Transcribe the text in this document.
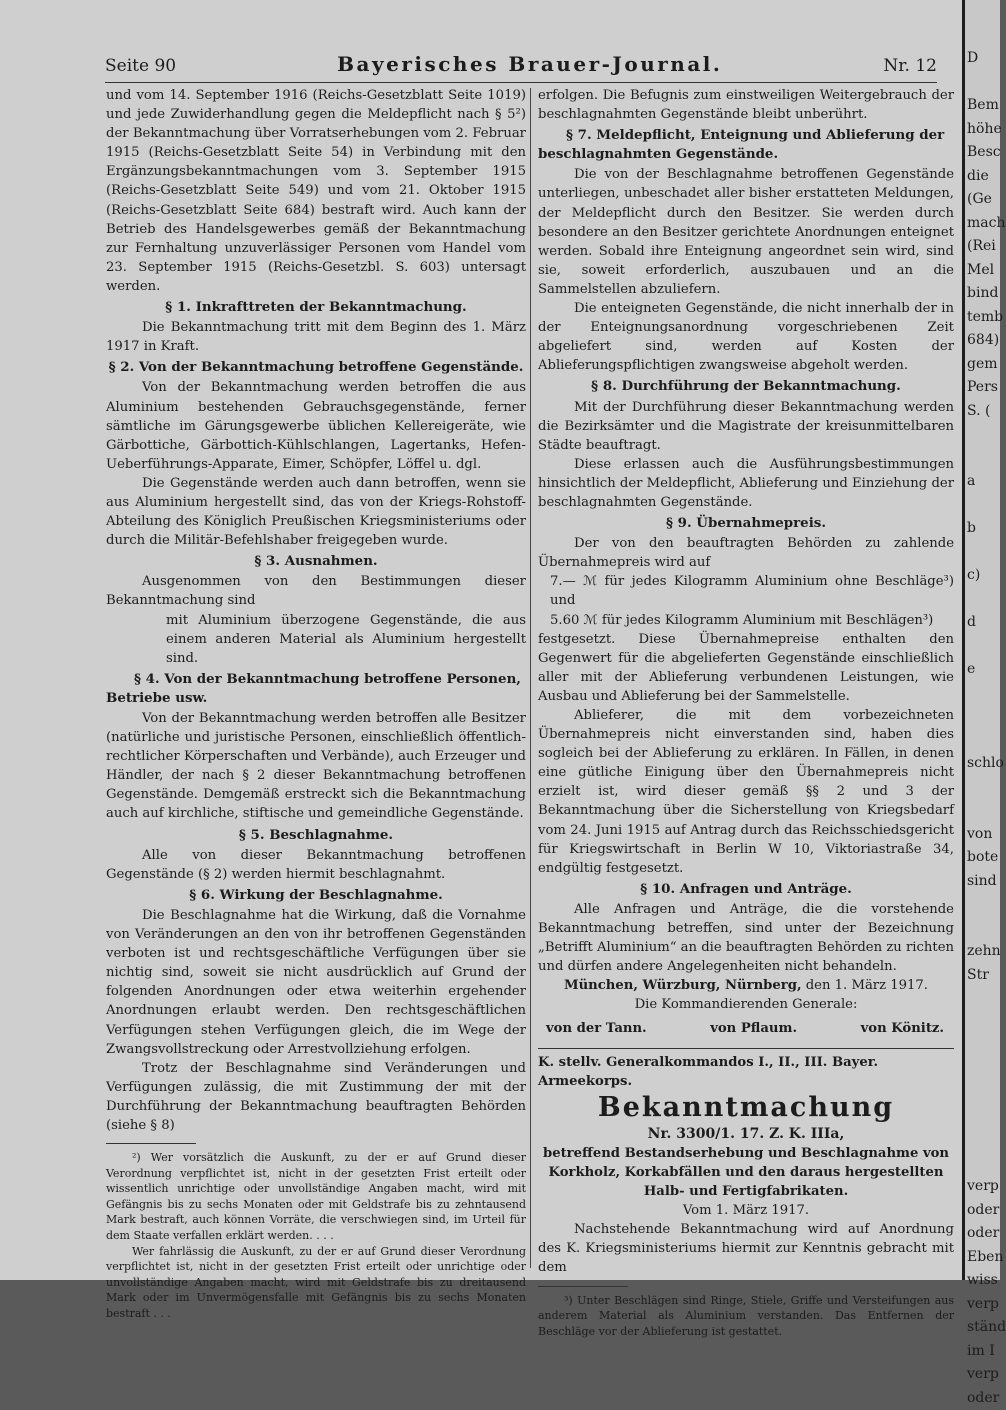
Seite 90	Bayerisches Brauer-Journal.	Nr. 12

und vom 14. September 1916 (Reichs-Gesetzblatt Seite 1019) und jede Zuwiderhandlung gegen die Meldepflicht nach § 5²) der Bekanntmachung über Vorratserhebungen vom 2. Februar 1915 (Reichs-Gesetzblatt Seite 54) in Verbindung mit den Ergänzungsbekanntmachungen vom 3. September 1915 (Reichs-Gesetzblatt Seite 549) und vom 21. Oktober 1915 (Reichs-Gesetzblatt Seite 684) bestraft wird. Auch kann der Betrieb des Handelsgewerbes gemäß der Bekanntmachung zur Fernhaltung unzuverlässiger Personen vom Handel vom 23. September 1915 (Reichs-Gesetzbl. S. 603) untersagt werden.

§ 1. Inkrafttreten der Bekanntmachung.

Die Bekanntmachung tritt mit dem Beginn des 1. März 1917 in Kraft.

§ 2. Von der Bekanntmachung betroffene Gegenstände.

Von der Bekanntmachung werden betroffen die aus Aluminium bestehenden Gebrauchsgegenstände, ferner sämtliche im Gärungsgewerbe üblichen Kellereigeräte, wie Gärbottiche, Gärbottich-Kühlschlangen, Lagertanks, Hefen-Ueberführungs-Apparate, Eimer, Schöpfer, Löffel u. dgl.

Die Gegenstände werden auch dann betroffen, wenn sie aus Aluminium hergestellt sind, das von der Kriegs-Rohstoff-Abteilung des Königlich Preußischen Kriegsministeriums oder durch die Militär-Befehlshaber freigegeben wurde.

§ 3. Ausnahmen.

Ausgenommen von den Bestimmungen dieser Bekanntmachung sind

mit Aluminium überzogene Gegenstände, die aus einem anderen Material als Aluminium hergestellt sind.

§ 4. Von der Bekanntmachung betroffene Personen, Betriebe usw.

Von der Bekanntmachung werden betroffen alle Besitzer (natürliche und juristische Personen, einschließlich öffentlich-rechtlicher Körperschaften und Verbände), auch Erzeuger und Händler, der nach § 2 dieser Bekanntmachung betroffenen Gegenstände. Demgemäß erstreckt sich die Bekanntmachung auch auf kirchliche, stiftische und gemeindliche Gegenstände.

§ 5. Beschlagnahme.

Alle von dieser Bekanntmachung betroffenen Gegenstände (§ 2) werden hiermit beschlagnahmt.

§ 6. Wirkung der Beschlagnahme.

Die Beschlagnahme hat die Wirkung, daß die Vornahme von Veränderungen an den von ihr betroffenen Gegenständen verboten ist und rechtsgeschäftliche Verfügungen über sie nichtig sind, soweit sie nicht ausdrücklich auf Grund der folgenden Anordnungen oder etwa weiterhin ergehender Anordnungen erlaubt werden. Den rechtsgeschäftlichen Verfügungen stehen Verfügungen gleich, die im Wege der Zwangsvollstreckung oder Arrestvollziehung erfolgen.

Trotz der Beschlagnahme sind Veränderungen und Verfügungen zulässig, die mit Zustimmung der mit der Durchführung der Bekanntmachung beauftragten Behörden (siehe § 8)

²) Wer vorsätzlich die Auskunft, zu der er auf Grund dieser Verordnung verpflichtet ist, nicht in der gesetzten Frist erteilt oder wissentlich unrichtige oder unvollständige Angaben macht, wird mit Gefängnis bis zu sechs Monaten oder mit Geldstrafe bis zu zehntausend Mark bestraft, auch können Vorräte, die verschwiegen sind, im Urteil für dem Staate verfallen erklärt werden. . . .

Wer fahrlässig die Auskunft, zu der er auf Grund dieser Verordnung verpflichtet ist, nicht in der gesetzten Frist erteilt oder unrichtige oder unvollständige Angaben macht, wird mit Geldstrafe bis zu dreitausend Mark oder im Unvermögensfalle mit Gefängnis bis zu sechs Monaten bestraft . . .

erfolgen. Die Befugnis zum einstweiligen Weitergebrauch der beschlagnahmten Gegenstände bleibt unberührt.

§ 7. Meldepflicht, Enteignung und Ablieferung der beschlagnahmten Gegenstände.

Die von der Beschlagnahme betroffenen Gegenstände unterliegen, unbeschadet aller bisher erstatteten Meldungen, der Meldepflicht durch den Besitzer. Sie werden durch besondere an den Besitzer gerichtete Anordnungen enteignet werden. Sobald ihre Enteignung angeordnet sein wird, sind sie, soweit erforderlich, auszubauen und an die Sammelstellen abzuliefern.

Die enteigneten Gegenstände, die nicht innerhalb der in der Enteignungsanordnung vorgeschriebenen Zeit abgeliefert sind, werden auf Kosten der Ablieferungspflichtigen zwangsweise abgeholt werden.

§ 8. Durchführung der Bekanntmachung.

Mit der Durchführung dieser Bekanntmachung werden die Bezirksämter und die Magistrate der kreisunmittelbaren Städte beauftragt.

Diese erlassen auch die Ausführungsbestimmungen hinsichtlich der Meldepflicht, Ablieferung und Einziehung der beschlagnahmten Gegenstände.

§ 9. Übernahmepreis.

Der von den beauftragten Behörden zu zahlende Übernahmepreis wird auf

7.— ℳ für jedes Kilogramm Aluminium ohne Beschläge³) und

5.60 ℳ für jedes Kilogramm Aluminium mit Beschlägen³)

festgesetzt. Diese Übernahmepreise enthalten den Gegenwert für die abgelieferten Gegenstände einschließlich aller mit der Ablieferung verbundenen Leistungen, wie Ausbau und Ablieferung bei der Sammelstelle.

Ablieferer, die mit dem vorbezeichneten Übernahmepreis nicht einverstanden sind, haben dies sogleich bei der Ablieferung zu erklären. In Fällen, in denen eine gütliche Einigung über den Übernahmepreis nicht erzielt ist, wird dieser gemäß §§ 2 und 3 der Bekanntmachung über die Sicherstellung von Kriegsbedarf vom 24. Juni 1915 auf Antrag durch das Reichsschiedsgericht für Kriegswirtschaft in Berlin W 10, Viktoriastraße 34, endgültig festgesetzt.

§ 10. Anfragen und Anträge.

Alle Anfragen und Anträge, die die vorstehende Bekanntmachung betreffen, sind unter der Bezeichnung „Betrifft Aluminium“ an die beauftragten Behörden zu richten und dürfen andere Angelegenheiten nicht behandeln.

München, Würzburg, Nürnberg, den 1. März 1917.

Die Kommandierenden Generale:

von der Tann.	von Pflaum.	von Könitz.
K. stellv. Generalkommandos I., II., III. Bayer. Armeekorps.
Bekanntmachung
Nr. 3300/1. 17. Z. K. IIIa,
betreffend Bestandserhebung und Beschlagnahme von Korkholz, Korkabfällen und den daraus hergestellten Halb- und Fertigfabrikaten.
Vom 1. März 1917.

Nachstehende Bekanntmachung wird auf Anordnung des K. Kriegsministeriums hiermit zur Kenntnis gebracht mit dem

³) Unter Beschlägen sind Ringe, Stiele, Griffe und Versteifungen aus anderem Material als Aluminium verstanden. Das Entfernen der Beschläge vor der Ablieferung ist gestattet.

D

Bem
höhe
Besc
die
(Ge
mach
(Rei
Mel
bind
temb
684)
gem
Pers
S. (

a

b

c)

d

e

schlo

von
bote
sind

zehn
Str

verp
oder
oder
Eben
wiss
verp
ständ
im I
verp
oder
